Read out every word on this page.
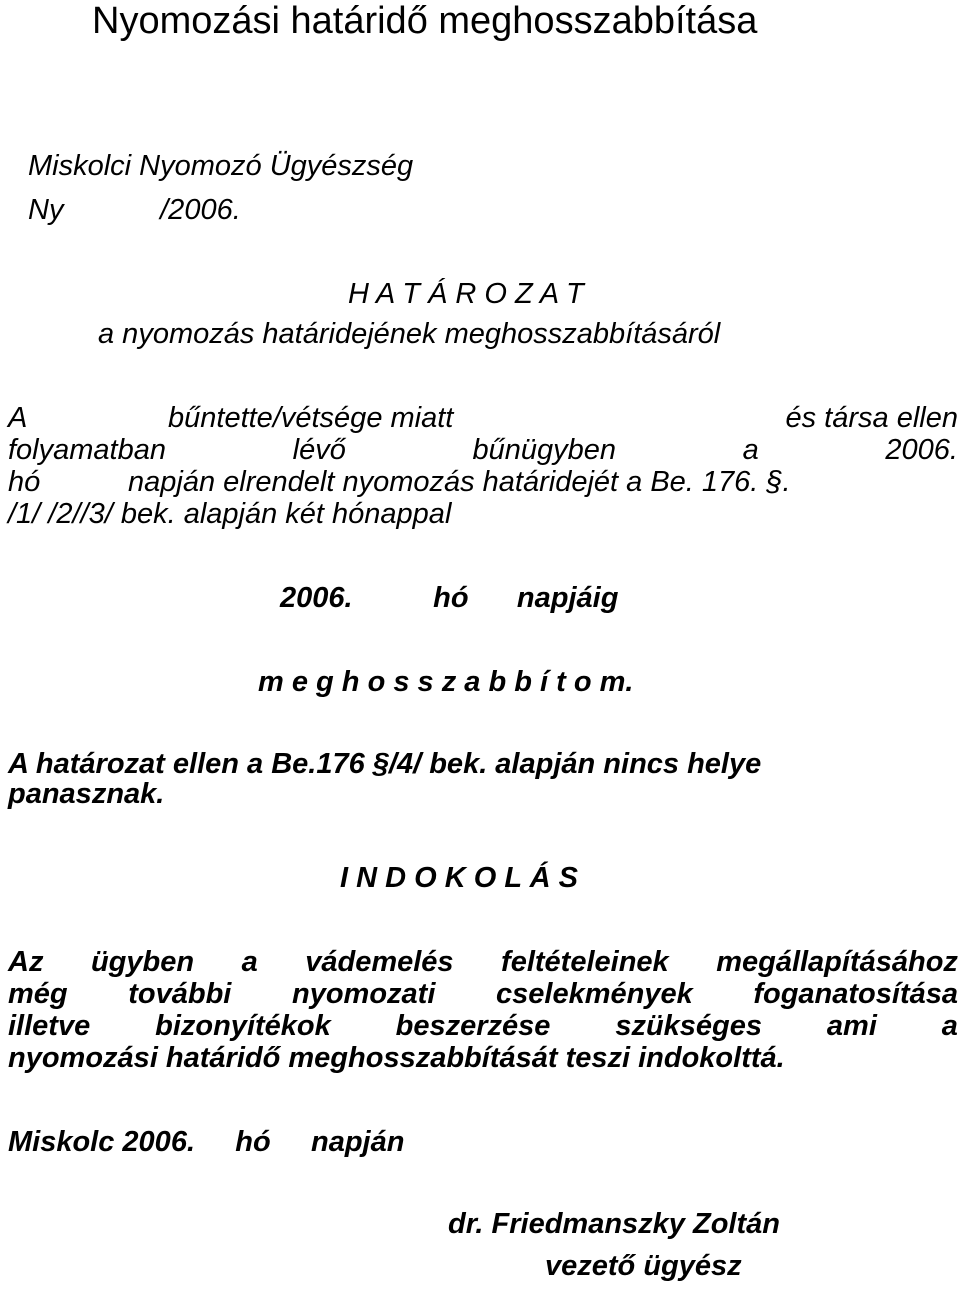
Nyomozási határidő meghosszabbítása
Miskolci Nyomozó Ügyészség
Ny            /2006.
H A T Á R O Z A T
a nyomozás határidejének meghosszabbításáról
A	bűntette/vétsége miatt	és társa ellen
folyamatban	lévő	bűnügyben	a	2006.
hó	napján elrendelt nyomozás határidejét a Be. 176. §.
/1/ /2//3/ bek. alapján két hónappal
2006.          hó      napjáig
m e g h o s s z a b b í t o m.
A határozat ellen a Be.176 §/4/ bek. alapján nincs helye
panasznak.
I N D O K O L Á S
Az ügyben a vádemelés feltételeinek megállapításához
még további nyomozati cselekmények foganatosítása
illetve bizonyítékok beszerzése szükséges ami a
nyomozási határidő meghosszabbítását teszi indokolttá.
Miskolc 2006.     hó     napján
dr. Friedmanszky Zoltán
vezető ügyész
